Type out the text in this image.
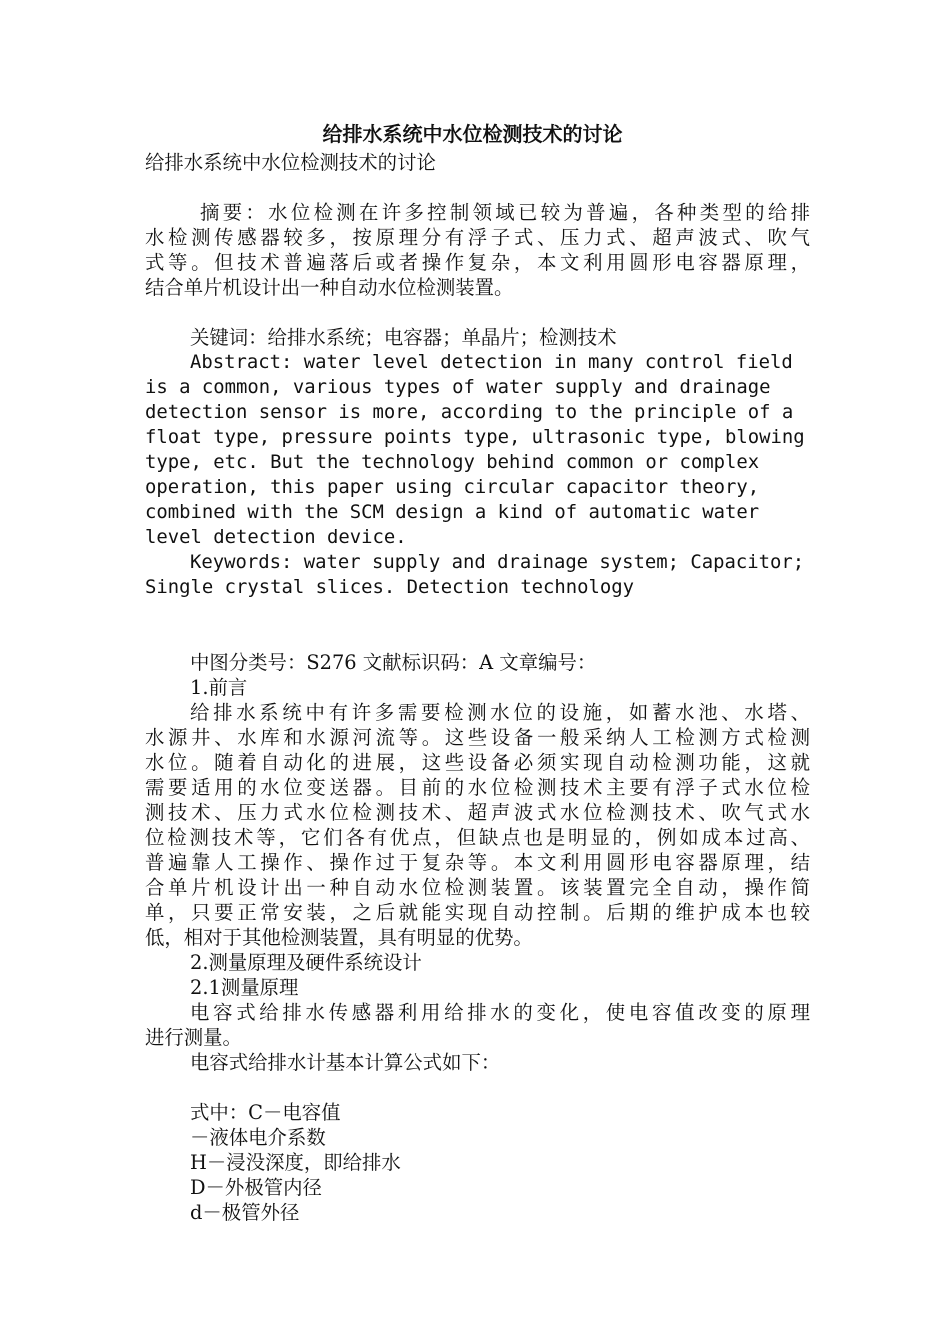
给排水系统中水位检测技术的讨论
给排水系统中水位检测技术的讨论
摘要：水位检测在许多控制领域已较为普遍，各种类型的给排
水检测传感器较多，按原理分有浮子式、压力式、超声波式、吹气
式等。但技术普遍落后或者操作复杂，本文利用圆形电容器原理，
结合单片机设计出一种自动水位检测装置。
关键词：给排水系统；电容器；单晶片；检测技术
Abstract: water level detection in many control field
is a common, various types of water supply and drainage
detection sensor is more, according to the principle of a
float type, pressure points type, ultrasonic type, blowing
type, etc. But the technology behind common or complex
operation, this paper using circular capacitor theory,
combined with the SCM design a kind of automatic water
level detection device.
Keywords: water supply and drainage system; Capacitor;
Single crystal slices. Detection technology
中图分类号：S276 文献标识码：A 文章编号：
1.前言
给排水系统中有许多需要检测水位的设施，如蓄水池、水塔、
水源井、水库和水源河流等。这些设备一般采纳人工检测方式检测
水位。随着自动化的进展，这些设备必须实现自动检测功能，这就
需要适用的水位变送器。目前的水位检测技术主要有浮子式水位检
测技术、压力式水位检测技术、超声波式水位检测技术、吹气式水
位检测技术等，它们各有优点，但缺点也是明显的，例如成本过高、
普遍靠人工操作、操作过于复杂等。本文利用圆形电容器原理，结
合单片机设计出一种自动水位检测装置。该装置完全自动，操作简
单，只要正常安装，之后就能实现自动控制。后期的维护成本也较
低，相对于其他检测装置，具有明显的优势。
2.测量原理及硬件系统设计
2.1测量原理
电容式给排水传感器利用给排水的变化，使电容值改变的原理
进行测量。
电容式给排水计基本计算公式如下：
式中：C－电容值
－液体电介系数
H－浸没深度，即给排水
D－外极管内径
d－极管外径
